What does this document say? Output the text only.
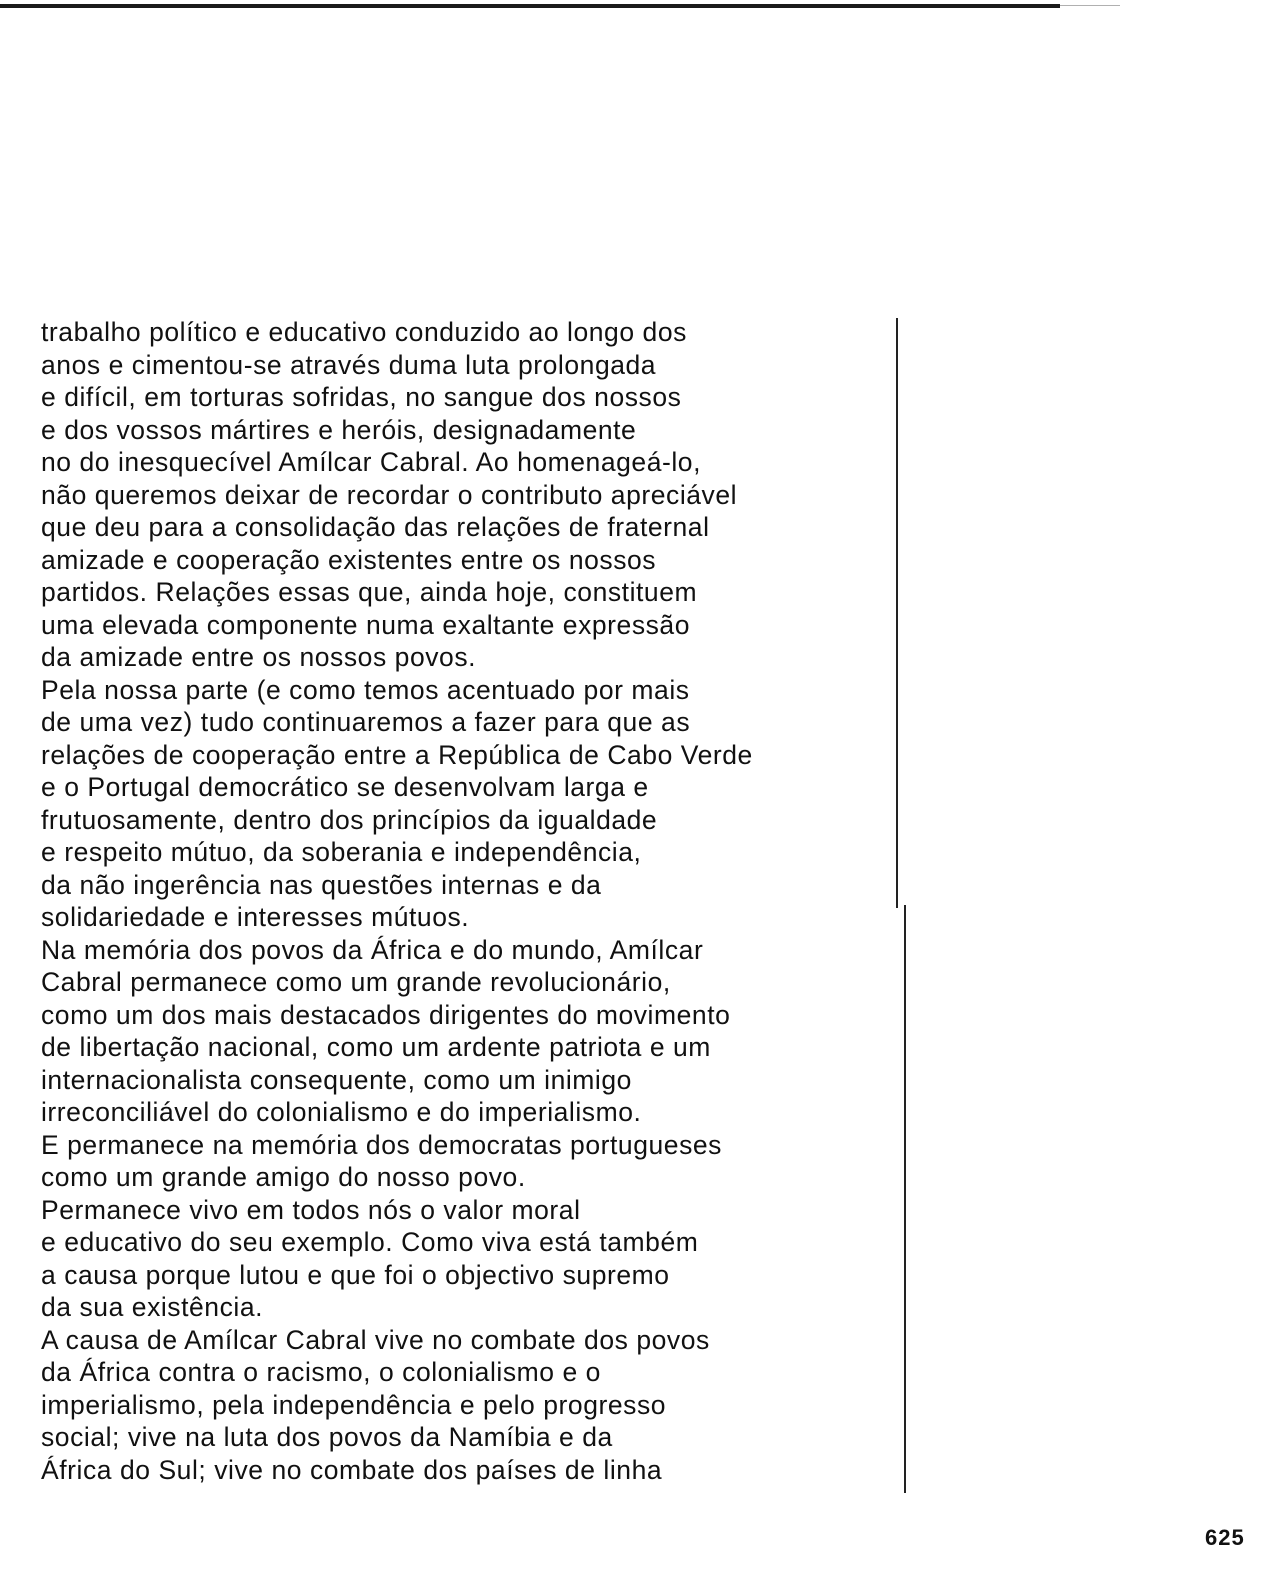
trabalho político e educativo conduzido ao longo dos
anos e cimentou-se através duma luta prolongada
e difícil, em torturas sofridas, no sangue dos nossos
e dos vossos mártires e heróis, designadamente
no do inesquecível Amílcar Cabral. Ao homenageá-lo,
não queremos deixar de recordar o contributo apreciável
que deu para a consolidação das relações de fraternal
amizade e cooperação existentes entre os nossos
partidos. Relações essas que, ainda hoje, constituem
uma elevada componente numa exaltante expressão
da amizade entre os nossos povos.
Pela nossa parte (e como temos acentuado por mais
de uma vez) tudo continuaremos a fazer para que as
relações de cooperação entre a República de Cabo Verde
e o Portugal democrático se desenvolvam larga e
frutuosamente, dentro dos princípios da igualdade
e respeito mútuo, da soberania e independência,
da não ingerência nas questões internas e da
solidariedade e interesses mútuos.
Na memória dos povos da África e do mundo, Amílcar
Cabral permanece como um grande revolucionário,
como um dos mais destacados dirigentes do movimento
de libertação nacional, como um ardente patriota e um
internacionalista consequente, como um inimigo
irreconciliável do colonialismo e do imperialismo.
E permanece na memória dos democratas portugueses
como um grande amigo do nosso povo.
Permanece vivo em todos nós o valor moral
e educativo do seu exemplo. Como viva está também
a causa porque lutou e que foi o objectivo supremo
da sua existência.
A causa de Amílcar Cabral vive no combate dos povos
da África contra o racismo, o colonialismo e o
imperialismo, pela independência e pelo progresso
social; vive na luta dos povos da Namíbia e da
África do Sul; vive no combate dos países de linha
625
